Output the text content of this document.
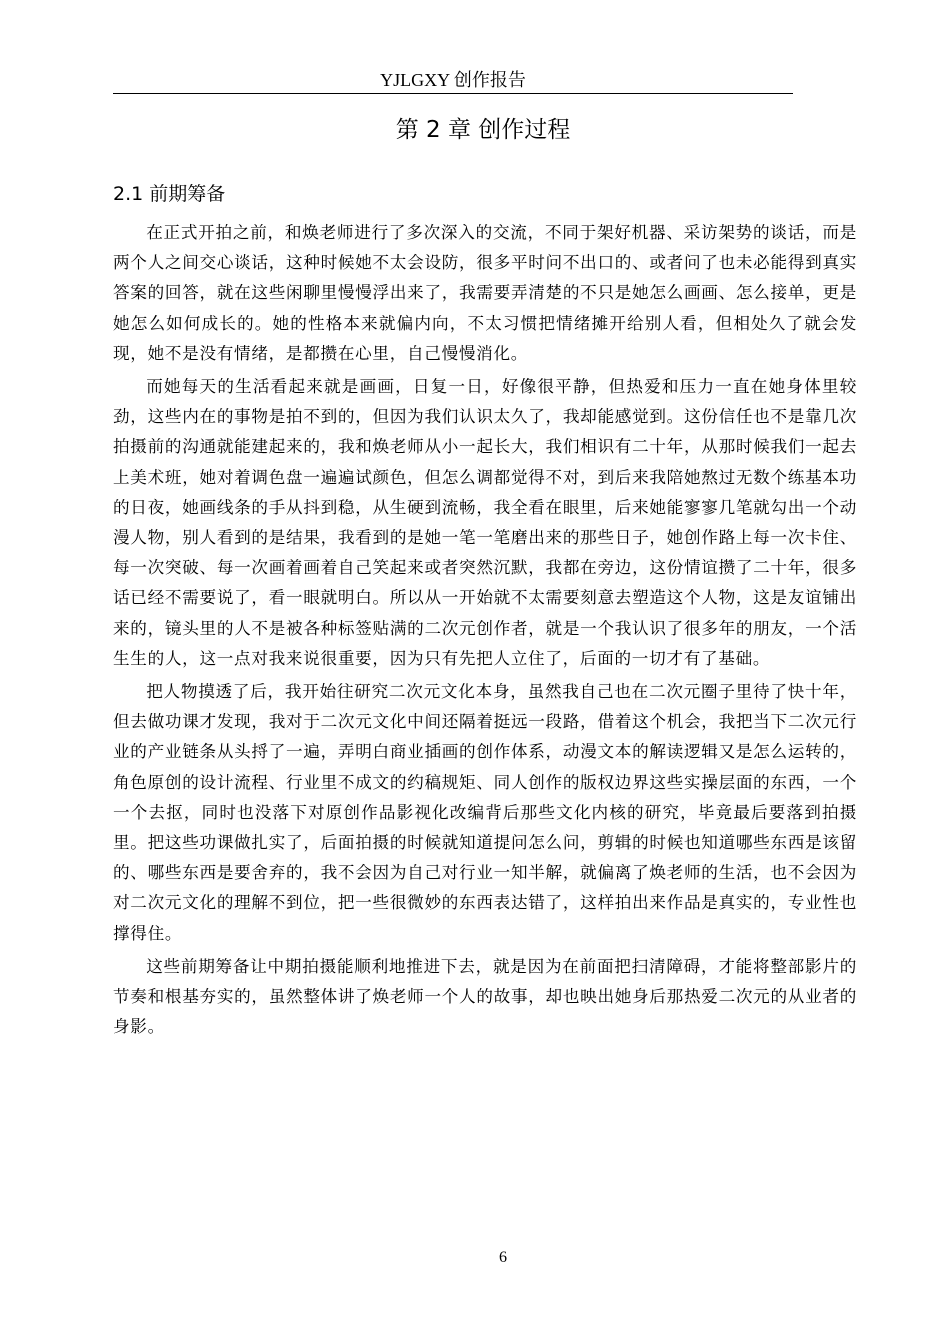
YJLGXY 创作报告
第 2 章 创作过程
2.1 前期筹备

在正式开拍之前，和焕老师进行了多次深入的交流，不同于架好机器、采访架势的谈话，而是两个人之间交心谈话，这种时候她不太会设防，很多平时问不出口的、或者问了也未必能得到真实答案的回答，就在这些闲聊里慢慢浮出来了，我需要弄清楚的不只是她怎么画画、怎么接单，更是她怎么如何成长的。她的性格本来就偏内向，不太习惯把情绪摊开给别人看，但相处久了就会发现，她不是没有情绪，是都攒在心里，自己慢慢消化。

而她每天的生活看起来就是画画，日复一日，好像很平静，但热爱和压力一直在她身体里较劲，这些内在的事物是拍不到的，但因为我们认识太久了，我却能感觉到。这份信任也不是靠几次拍摄前的沟通就能建起来的，我和焕老师从小一起长大，我们相识有二十年，从那时候我们一起去上美术班，她对着调色盘一遍遍试颜色，但怎么调都觉得不对，到后来我陪她熬过无数个练基本功的日夜，她画线条的手从抖到稳，从生硬到流畅，我全看在眼里，后来她能寥寥几笔就勾出一个动漫人物，别人看到的是结果，我看到的是她一笔一笔磨出来的那些日子，她创作路上每一次卡住、每一次突破、每一次画着画着自己笑起来或者突然沉默，我都在旁边，这份情谊攒了二十年，很多话已经不需要说了，看一眼就明白。所以从一开始就不太需要刻意去塑造这个人物，这是友谊铺出来的，镜头里的人不是被各种标签贴满的二次元创作者，就是一个我认识了很多年的朋友，一个活生生的人，这一点对我来说很重要，因为只有先把人立住了，后面的一切才有了基础。

把人物摸透了后，我开始往研究二次元文化本身，虽然我自己也在二次元圈子里待了快十年，但去做功课才发现，我对于二次元文化中间还隔着挺远一段路，借着这个机会，我把当下二次元行业的产业链条从头捋了一遍，弄明白商业插画的创作体系，动漫文本的解读逻辑又是怎么运转的，角色原创的设计流程、行业里不成文的约稿规矩、同人创作的版权边界这些实操层面的东西，一个一个去抠，同时也没落下对原创作品影视化改编背后那些文化内核的研究，毕竟最后要落到拍摄里。把这些功课做扎实了，后面拍摄的时候就知道提问怎么问，剪辑的时候也知道哪些东西是该留的、哪些东西是要舍弃的，我不会因为自己对行业一知半解，就偏离了焕老师的生活，也不会因为对二次元文化的理解不到位，把一些很微妙的东西表达错了，这样拍出来作品是真实的，专业性也撑得住。

这些前期筹备让中期拍摄能顺利地推进下去，就是因为在前面把扫清障碍，才能将整部影片的节奏和根基夯实的，虽然整体讲了焕老师一个人的故事，却也映出她身后那热爱二次元的从业者的身影。

6
